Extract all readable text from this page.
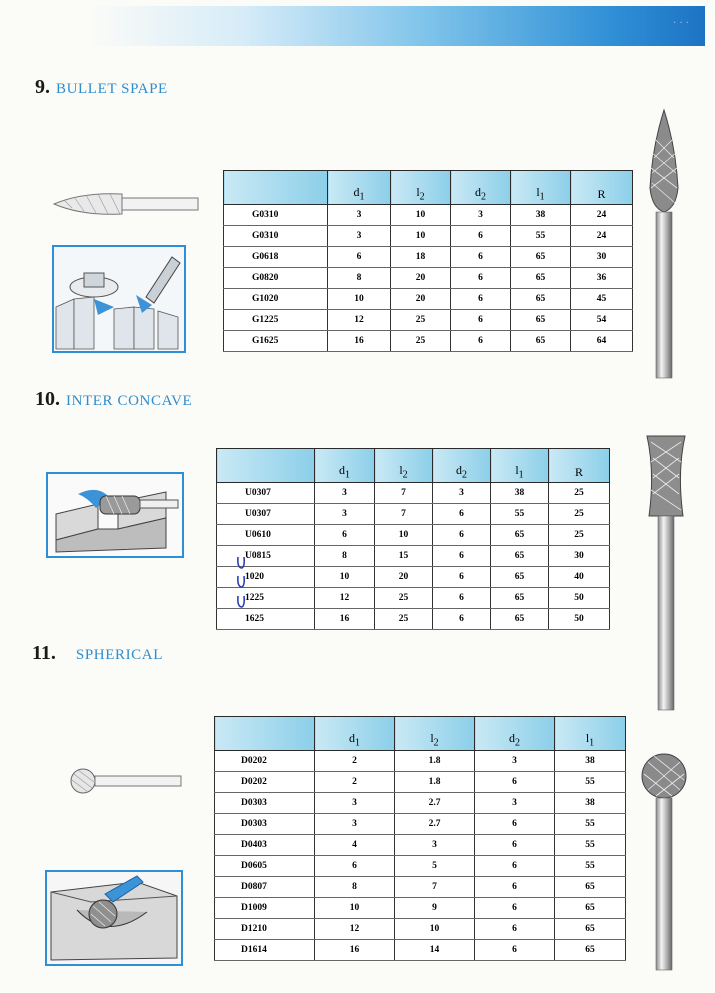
· · ·
9. BULLET SPAPE
	$d_1$	$l_2$	$d_2$	$l_1$	R
G0310	3	10	3	38	24
G0310	3	10	6	55	24
G0618	6	18	6	65	30
G0820	8	20	6	65	36
G1020	10	20	6	65	45
G1225	12	25	6	65	54
G1625	16	25	6	65	64
10. INTER CONCAVE
	$d_1$	$l_2$	$d_2$	$l_1$	R
U0307	3	7	3	38	25
U0307	3	7	6	55	25
U0610	6	10	6	65	25
U0815	8	15	6	65	30
1020	10	20	6	65	40
1225	12	25	6	65	50
1625	16	25	6	65	50
11. SPHERICAL
	$d_1$	$l_2$	$d_2$	$l_1$
D0202	2	1.8	3	38
D0202	2	1.8	6	55
D0303	3	2.7	3	38
D0303	3	2.7	6	55
D0403	4	3	6	55
D0605	6	5	6	55
D0807	8	7	6	65
D1009	10	9	6	65
D1210	12	10	6	65
D1614	16	14	6	65
